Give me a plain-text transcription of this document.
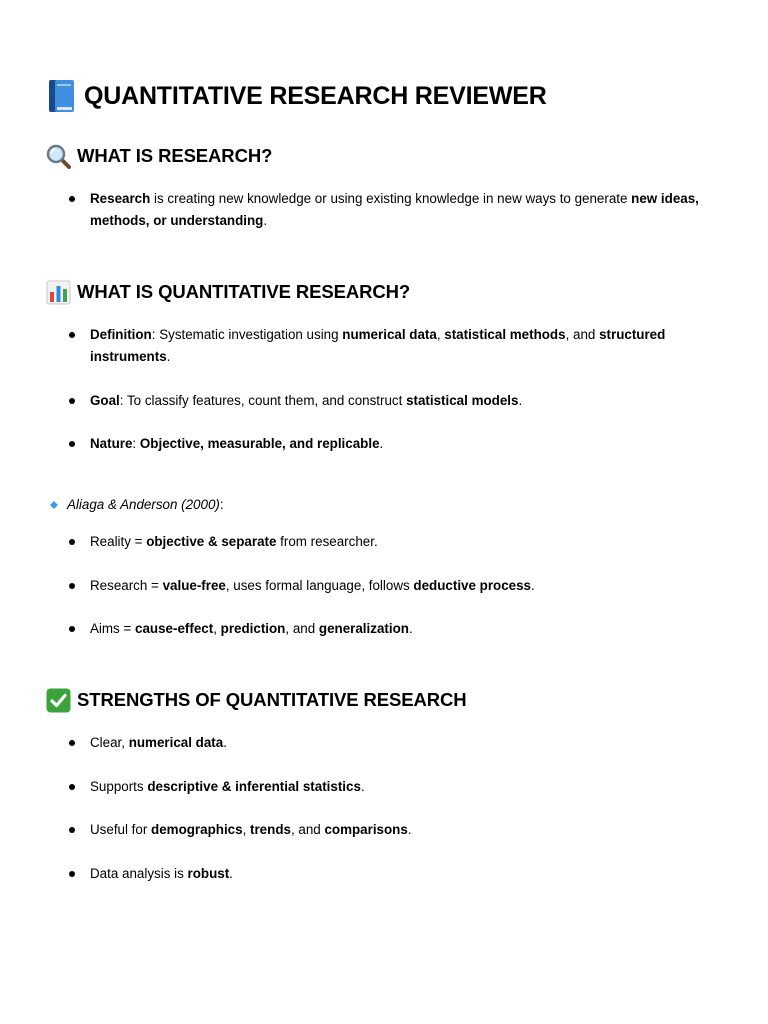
QUANTITATIVE RESEARCH REVIEWER
WHAT IS RESEARCH?
Research is creating new knowledge or using existing knowledge in new ways to generate new ideas, methods, or understanding.
WHAT IS QUANTITATIVE RESEARCH?
Definition: Systematic investigation using numerical data, statistical methods, and structured instruments.
Goal: To classify features, count them, and construct statistical models.
Nature: Objective, measurable, and replicable.
Aliaga & Anderson (2000) :
Reality = objective & separate from researcher.
Research = value-free, uses formal language, follows deductive process.
Aims = cause-effect, prediction, and generalization.
STRENGTHS OF QUANTITATIVE RESEARCH
Clear, numerical data.
Supports descriptive & inferential statistics.
Useful for demographics, trends, and comparisons.
Data analysis is robust.
